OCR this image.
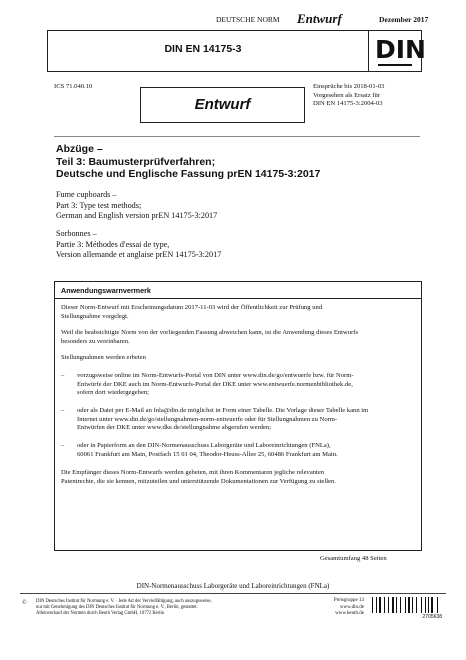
DEUTSCHE NORM Entwurf	Dezember 2017
DIN EN 14175-3	DIN
ICS 71.040.10
Entwurf
Einsprüche bis 2018-01-03
Vorgesehen als Ersatz für
DIN EN 14175-3:2004-03
Abzüge –
Teil 3: Baumusterprüfverfahren;
Deutsche und Englische Fassung prEN 14175-3:2017
Fume cupboards –
Part 3: Type test methods;
German and English version prEN 14175-3:2017
Sorbonnes –
Partie 3: Méthodes d'essai de type,
Version allemande et anglaise prEN 14175-3:2017
Anwendungswarnvermerk
Dieser Norm-Entwurf mit Erscheinungsdatum 2017-11-03 wird der Öffentlichkeit zur Prüfung und
Stellungnahme vorgelegt.
Weil die beabsichtigte Norm von der vorliegenden Fassung abweichen kann, ist die Anwendung dieses Entwurfs
besonders zu vereinbaren.
Stellungnahmen werden erbeten
– vorzugsweise online im Norm-Entwurfs-Portal von DIN unter www.din.de/go/entwuerfe bzw. für Norm-
Entwürfe der DKE auch im Norm-Entwurfs-Portal der DKE unter www.entwuerfe.normenbibliothek.de,
sofern dort wiedergegeben;
– oder als Datei per E-Mail an fnla@din.de möglichst in Form einer Tabelle. Die Vorlage dieser Tabelle kann im
Internet unter www.din.de/go/stellungnahmen-norm-entwuerfe oder für Stellungnahmen zu Norm-
Entwürfen der DKE unter www.dke.de/stellungnahme abgerufen werden;
– oder in Papierform an den DIN-Normenausschuss Laborgeräte und Laboreinrichtungen (FNLa),
60061 Frankfurt am Main, Postfach 15 01 04, Theodor-Heuss-Allee 25, 60486 Frankfurt am Main.
Die Empfänger dieses Norm-Entwurfs werden gebeten, mit ihren Kommentaren jegliche relevanten
Patentrechte, die sie kennen, mitzuteilen und unterstützende Dokumentationen zur Verfügung zu stellen.
Gesamtumfang 48 Seiten
DIN-Normenausschuss Laborgeräte und Laboreinrichtungen (FNLa)
© DIN Deutsches Institut für Normung e. V. · Jede Art der Vervielfältigung, auch auszugsweise,
nur mit Genehmigung des DIN Deutsches Institut für Normung e. V., Berlin, gestattet.
Alleinverkauf der Normen durch Beuth Verlag GmbH, 10772 Berlin
Preisgruppe 13
www.din.de
www.beuth.de
2705638
